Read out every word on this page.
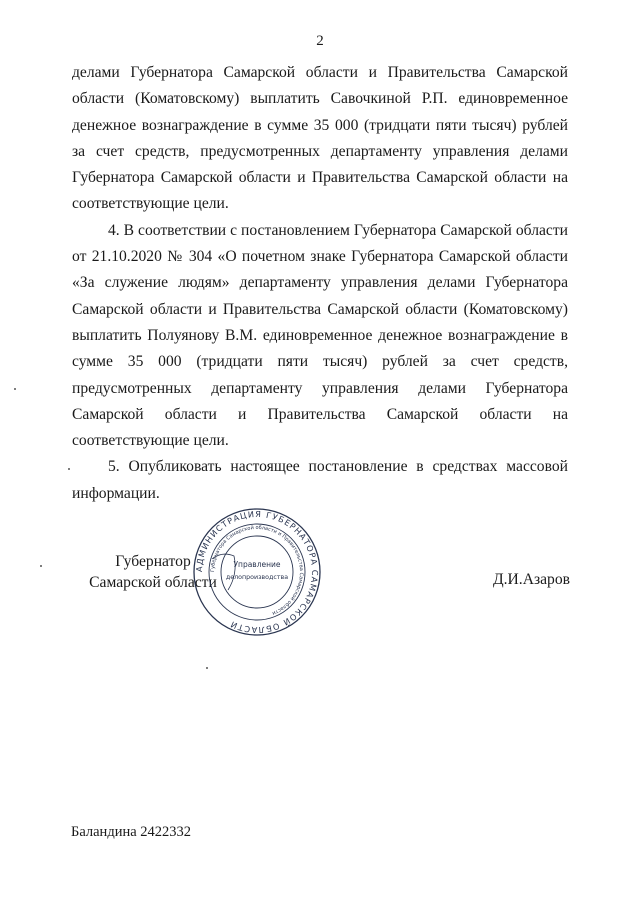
2

делами Губернатора Самарской области и Правительства Самарской области (Коматовскому) выплатить Савочкиной Р.П. единовременное денежное вознаграждение в сумме 35 000 (тридцати пяти тысяч) рублей за счет средств, предусмотренных департаменту управления делами Губернатора Самарской области и Правительства Самарской области на соответствующие цели.

4. В соответствии с постановлением Губернатора Самарской области от 21.10.2020 № 304 «О почетном знаке Губернатора Самарской области «За служение людям» департаменту управления делами Губернатора Самарской области и Правительства Самарской области (Коматовскому) выплатить Полуянову В.М. единовременное денежное вознаграждение в сумме 35 000 (тридцати пяти тысяч) рублей за счет средств, предусмотренных департаменту управления делами Губернатора Самарской области и Правительства Самарской области на соответствующие цели.

5. Опубликовать настоящее постановление в средствах массовой информации.

Губернатор
Самарской области	Д.И.Азаров
АДМИНИСТРАЦИЯ ГУБЕРНАТОРА САМАРСКОЙ ОБЛАСТИ
Губернатора Самарской области и Правительства Самарской области
Управление
делопроизводства
Баландина 2422332
